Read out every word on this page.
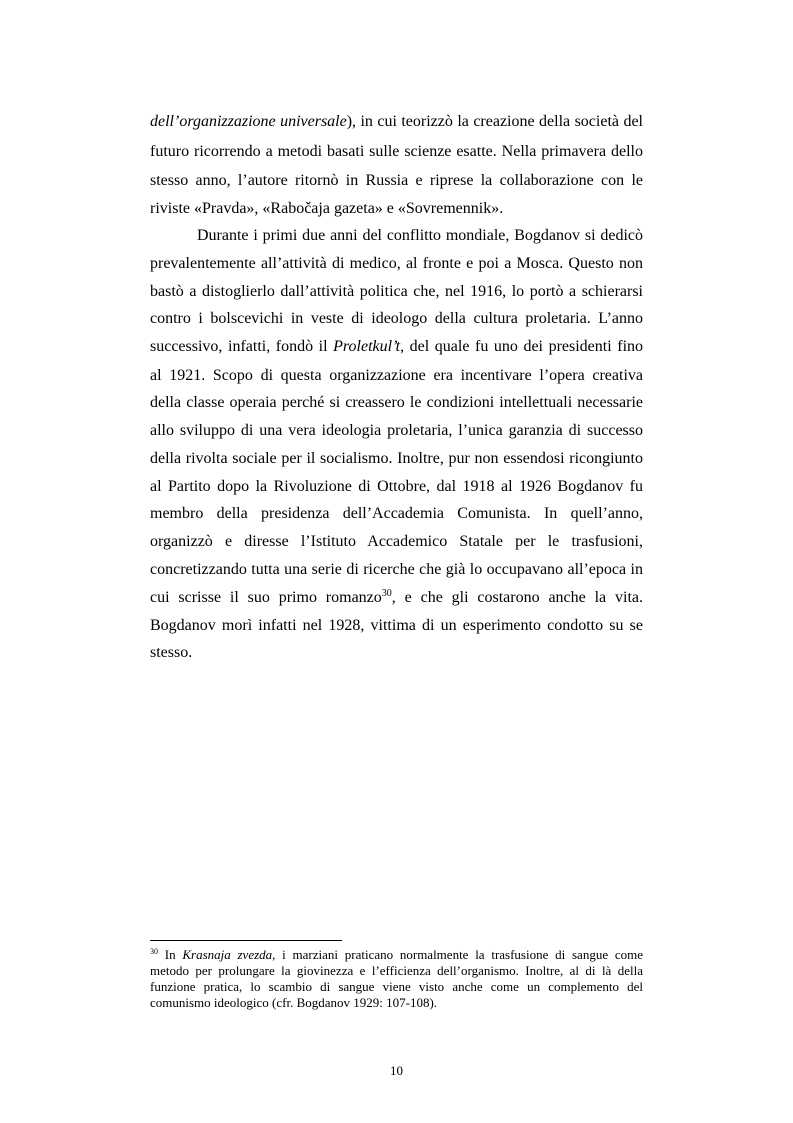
dell’organizzazione universale), in cui teorizzò la creazione della società del
futuro ricorrendo a metodi basati sulle scienze esatte. Nella primavera dello
stesso anno, l’autore ritornò in Russia e riprese la collaborazione con le
riviste «Pravda», «Rabočaja gazeta» e «Sovremennik».
Durante i primi due anni del conflitto mondiale, Bogdanov si dedicò
prevalentemente all’attività di medico, al fronte e poi a Mosca. Questo non
bastò a distoglierlo dall’attività politica che, nel 1916, lo portò a schierarsi
contro i bolscevichi in veste di ideologo della cultura proletaria. L’anno
successivo, infatti, fondò il Proletkul’t, del quale fu uno dei presidenti fino
al 1921. Scopo di questa organizzazione era incentivare l’opera creativa
della classe operaia perché si creassero le condizioni intellettuali necessarie
allo sviluppo di una vera ideologia proletaria, l’unica garanzia di successo
della rivolta sociale per il socialismo. Inoltre, pur non essendosi ricongiunto
al Partito dopo la Rivoluzione di Ottobre, dal 1918 al 1926 Bogdanov fu
membro della presidenza dell’Accademia Comunista. In quell’anno,
organizzò e diresse l’Istituto Accademico Statale per le trasfusioni,
concretizzando tutta una serie di ricerche che già lo occupavano all’epoca in
cui scrisse il suo primo romanzo$^{30}$, e che gli costarono anche la vita.
Bogdanov morì infatti nel 1928, vittima di un esperimento condotto su se
stesso.
$^{30}$ In Krasnaja zvezda, i marziani praticano normalmente la trasfusione di sangue come
metodo per prolungare la giovinezza e l’efficienza dell’organismo. Inoltre, al di là della
funzione pratica, lo scambio di sangue viene visto anche come un complemento del
comunismo ideologico (cfr. Bogdanov 1929: 107-108).
10
